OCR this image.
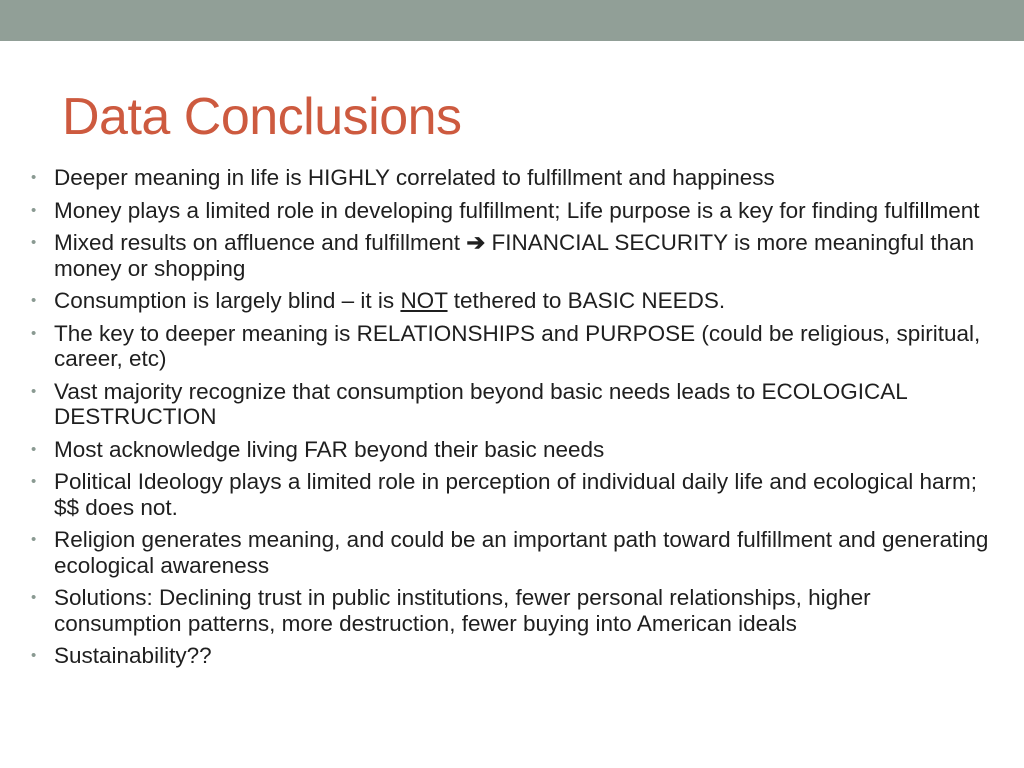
Data Conclusions
• Deeper meaning in life is HIGHLY correlated to fulfillment and happiness
• Money plays a limited role in developing fulfillment; Life purpose is a key for finding fulfillment
• Mixed results on affluence and fulfillment ➔ FINANCIAL SECURITY is more meaningful than money or shopping
• Consumption is largely blind – it is NOT tethered to BASIC NEEDS.
• The key to deeper meaning is RELATIONSHIPS and PURPOSE (could be religious, spiritual, career, etc)
• Vast majority recognize that consumption beyond basic needs leads to ECOLOGICAL DESTRUCTION
• Most acknowledge living FAR beyond their basic needs
• Political Ideology plays a limited role in perception of individual daily life and ecological harm; $$ does not.
• Religion generates meaning, and could be an important path toward fulfillment and generating ecological awareness
• Solutions: Declining trust in public institutions, fewer personal relationships, higher consumption patterns, more destruction, fewer buying into American ideals
• Sustainability??
